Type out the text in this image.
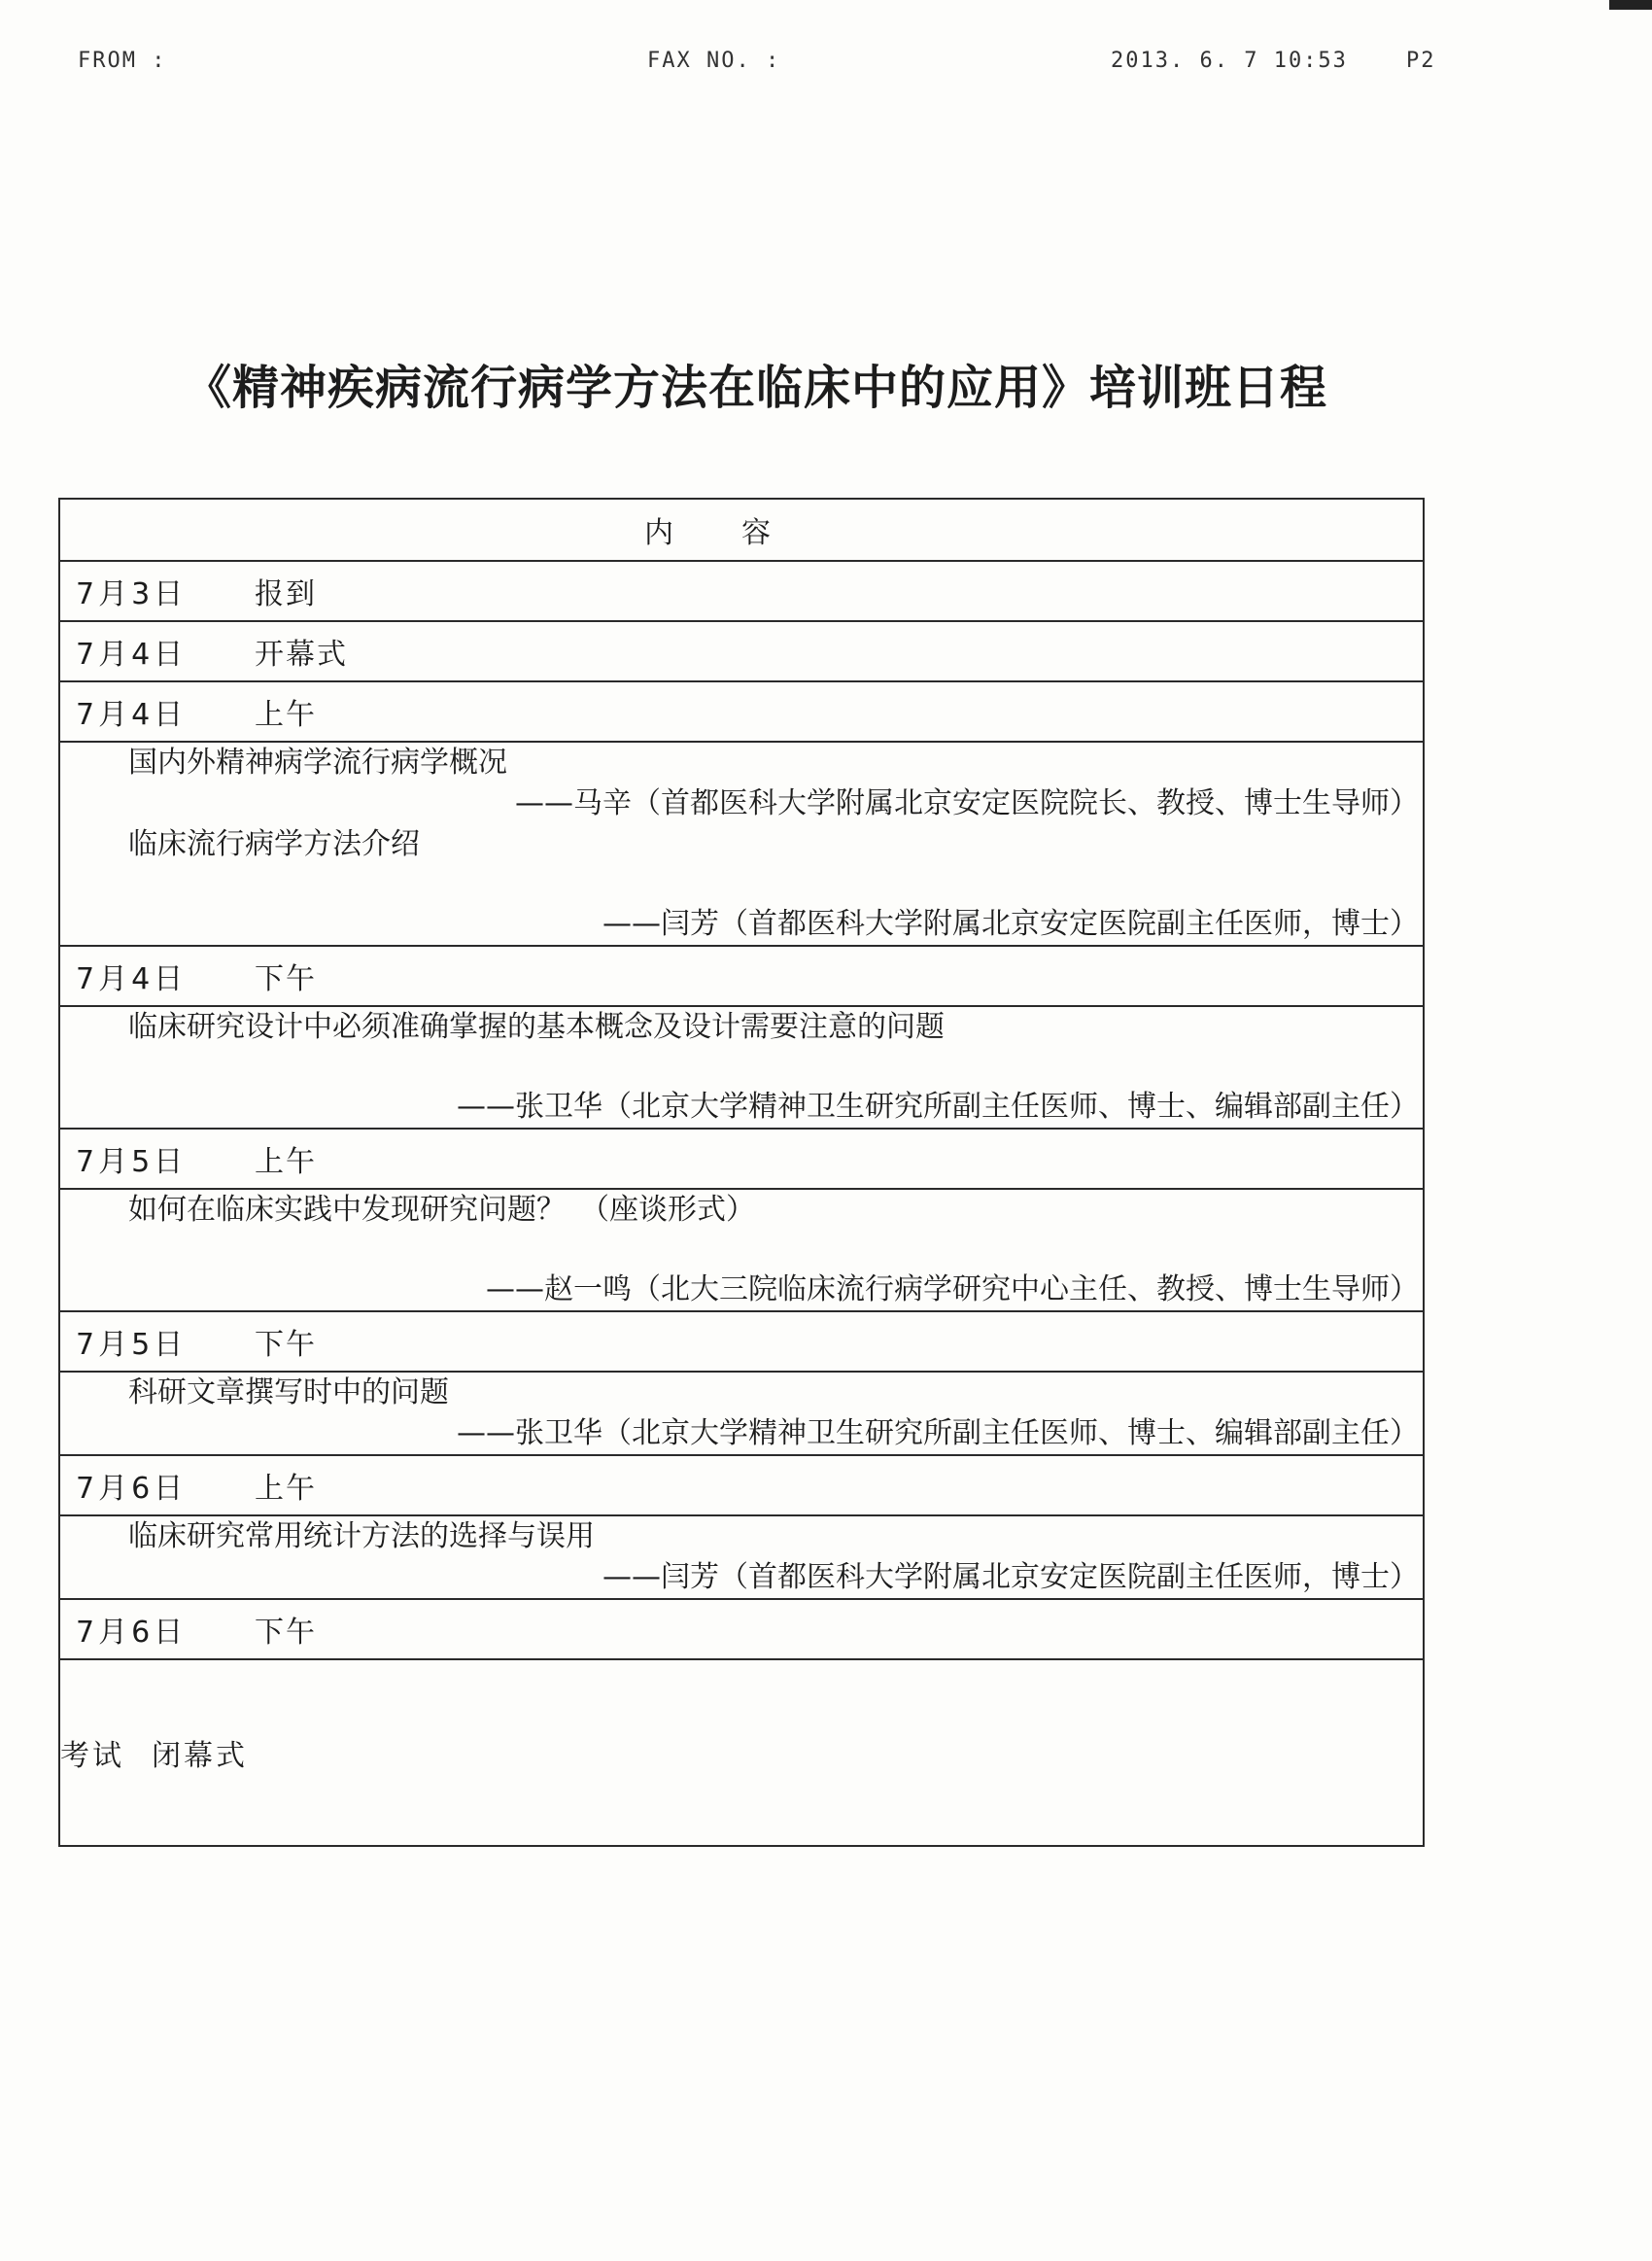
FROM :	FAX NO. :	2013. 6. 7 10:53	P2
《精神疾病流行病学方法在临床中的应用》培训班日程
内容
7月3日 报到
7月4日 开幕式
7月4日 上午

国内外精神病学流行病学概况
——马辛（首都医科大学附属北京安定医院院长、教授、博士生导师）
临床流行病学方法介绍
——闫芳（首都医科大学附属北京安定医院副主任医师，博士）

7月4日 下午

临床研究设计中必须准确掌握的基本概念及设计需要注意的问题
——张卫华（北京大学精神卫生研究所副主任医师、博士、编辑部副主任）

7月5日 上午

如何在临床实践中发现研究问题？　（座谈形式）
——赵一鸣（北大三院临床流行病学研究中心主任、教授、博士生导师）

7月5日 下午

科研文章撰写时中的问题
——张卫华（北京大学精神卫生研究所副主任医师、博士、编辑部副主任）

7月6日 上午

临床研究常用统计方法的选择与误用
——闫芳（首都医科大学附属北京安定医院副主任医师，博士）

7月6日 下午
考试 闭幕式
